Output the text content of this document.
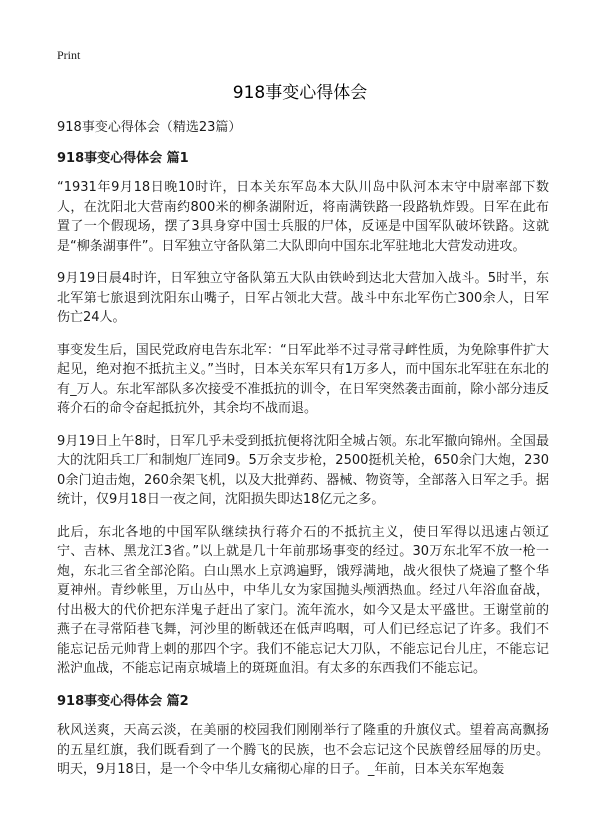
Print
918事变心得体会

918事变心得体会（精选23篇）

918事变心得体会 篇1

“1931年9月18日晚10时许，日本关东军岛本大队川岛中队河本末守中尉率部下数人，在沈阳北大营南约800米的柳条湖附近，将南满铁路一段路轨炸毁。日军在此布置了一个假现场，摆了3具身穿中国士兵服的尸体，反诬是中国军队破坏铁路。这就是“柳条湖事件”。日军独立守备队第二大队即向中国东北军驻地北大营发动进攻。

9月19日晨4时许，日军独立守备队第五大队由铁岭到达北大营加入战斗。5时半，东北军第七旅退到沈阳东山嘴子，日军占领北大营。战斗中东北军伤亡300余人，日军伤亡24人。

事变发生后，国民党政府电告东北军：“日军此举不过寻常寻衅性质，为免除事件扩大起见，绝对抱不抵抗主义。”当时，日本关东军只有1万多人，而中国东北军驻在东北的有_万人。东北军部队多次接受不准抵抗的训令，在日军突然袭击面前，除小部分违反蒋介石的命令奋起抵抗外，其余均不战而退。

9月19日上午8时，日军几乎未受到抵抗便将沈阳全城占领。东北军撤向锦州。全国最大的沈阳兵工厂和制炮厂连同9。5万余支步枪，2500挺机关枪，650余门大炮，2300余门迫击炮，260余架飞机，以及大批弹药、器械、物资等，全部落入日军之手。据统计，仅9月18日一夜之间，沈阳损失即达18亿元之多。

此后，东北各地的中国军队继续执行蒋介石的不抵抗主义，使日军得以迅速占领辽宁、吉林、黑龙江3省。”以上就是几十年前那场事变的经过。30万东北军不放一枪一炮，东北三省全部沦陷。白山黑水上京鸿遍野，饿殍满地，战火很快了烧遍了整个华夏神州。青纱帐里，万山丛中，中华儿女为家国抛头颅洒热血。经过八年浴血奋战，付出极大的代价把东洋鬼子赶出了家门。流年流水，如今又是太平盛世。王谢堂前的燕子在寻常陌巷飞舞，河沙里的断戟还在低声呜咽，可人们已经忘记了许多。我们不能忘记岳元帅背上刺的那四个字。我们不能忘记大刀队，不能忘记台儿庄，不能忘记淞沪血战，不能忘记南京城墙上的斑斑血泪。有太多的东西我们不能忘记。

918事变心得体会 篇2

秋风送爽，天高云淡，在美丽的校园我们刚刚举行了隆重的升旗仪式。望着高高飘扬的五星红旗，我们既看到了一个腾飞的民族，也不会忘记这个民族曾经屈辱的历史。明天，9月18日，是一个令中华儿女痛彻心扉的日子。_年前，日本关东军炮轰
